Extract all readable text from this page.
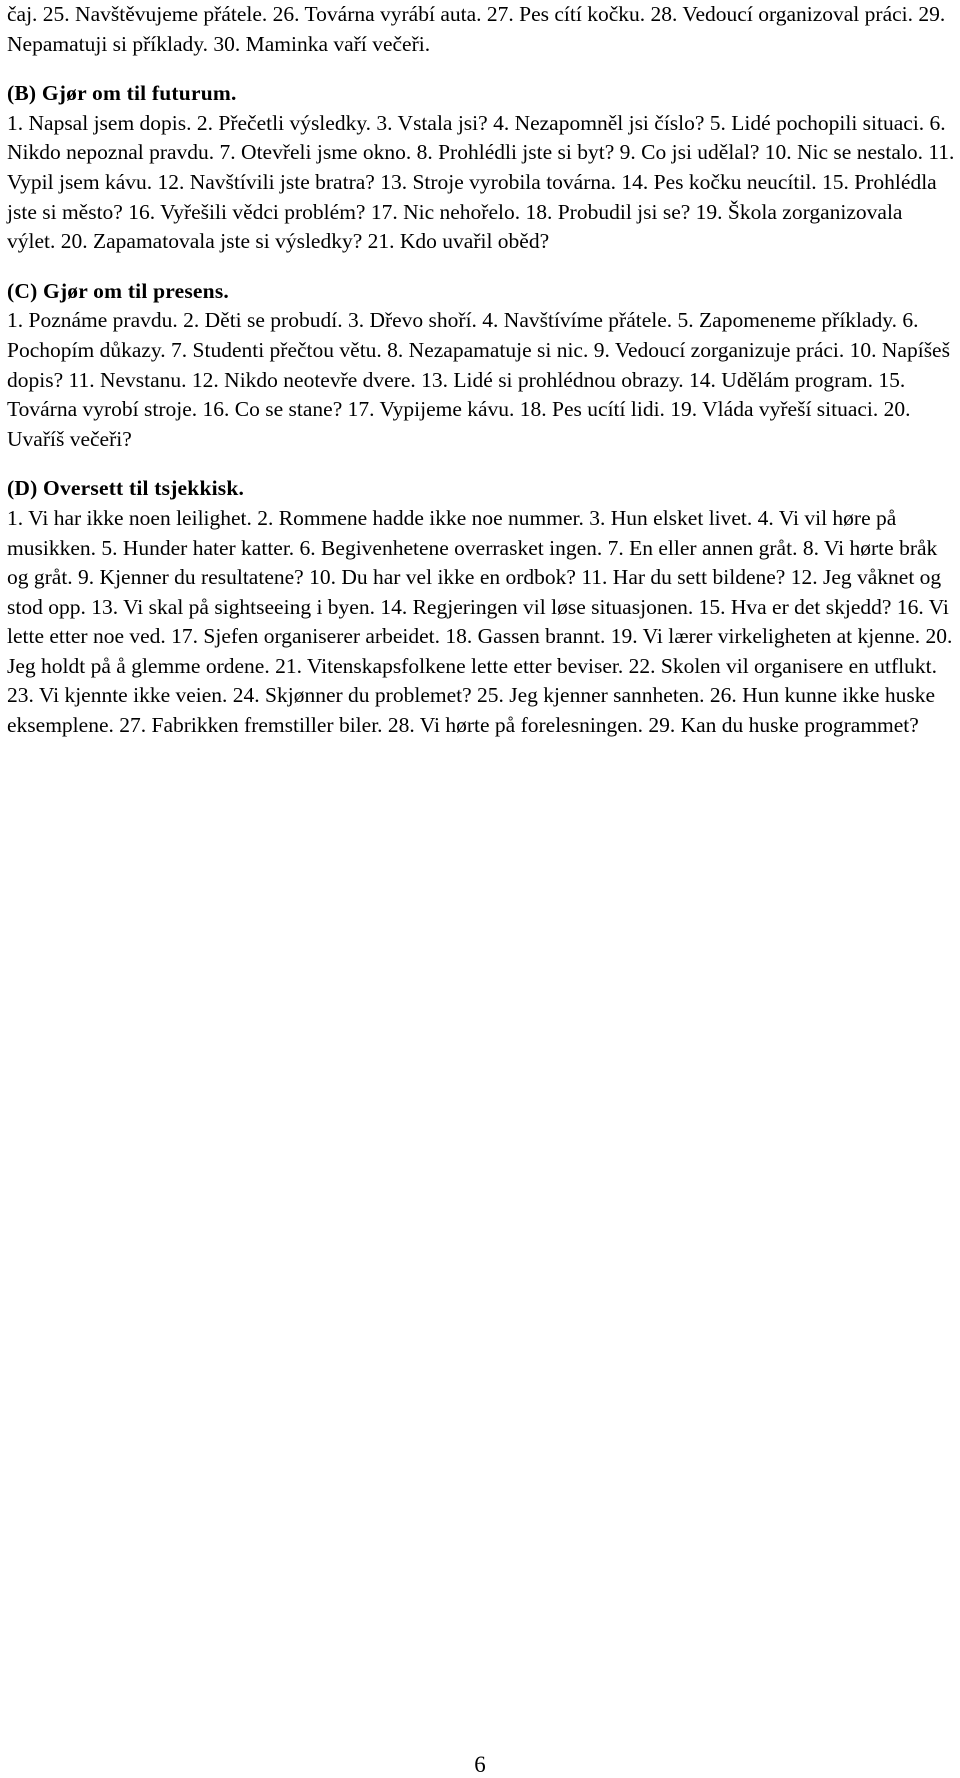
čaj. 25. Navštěvujeme přátele. 26. Továrna vyrábí auta. 27. Pes cítí kočku. 28. Vedoucí organizoval práci. 29. Nepamatuji si příklady. 30. Maminka vaří večeři.

(B) Gjør om til futurum.
1. Napsal jsem dopis. 2. Přečetli výsledky. 3. Vstala jsi? 4. Nezapomněl jsi číslo? 5. Lidé pochopili situaci. 6. Nikdo nepoznal pravdu. 7. Otevřeli jsme okno. 8. Prohlédli jste si byt? 9. Co jsi udělal? 10. Nic se nestalo. 11. Vypil jsem kávu. 12. Navštívili jste bratra? 13. Stroje vyrobila továrna. 14. Pes kočku neucítil. 15. Prohlédla jste si město? 16. Vyřešili vědci problém? 17. Nic nehořelo. 18. Probudil jsi se? 19. Škola zorganizovala výlet. 20. Zapamatovala jste si výsledky? 21. Kdo uvařil oběd?
(C) Gjør om til presens.
1. Poznáme pravdu. 2. Děti se probudí. 3. Dřevo shoří. 4. Navštívíme přátele. 5. Zapomeneme příklady. 6. Pochopím důkazy. 7. Studenti přečtou větu. 8. Nezapamatuje si nic. 9. Vedoucí zorganizuje práci. 10. Napíšeš dopis? 11. Nevstanu. 12. Nikdo neotevře dvere. 13. Lidé si prohlédnou obrazy. 14. Udělám program. 15. Továrna vyrobí stroje. 16. Co se stane? 17. Vypijeme kávu. 18. Pes ucítí lidi. 19. Vláda vyřeší situaci. 20. Uvaříš večeři?
(D) Oversett til tsjekkisk.
1. Vi har ikke noen leilighet. 2. Rommene hadde ikke noe nummer. 3. Hun elsket livet. 4. Vi vil høre på musikken. 5. Hunder hater katter. 6. Begivenhetene overrasket ingen. 7. En eller annen gråt. 8. Vi hørte bråk og gråt. 9. Kjenner du resultatene? 10. Du har vel ikke en ordbok? 11. Har du sett bildene? 12. Jeg våknet og stod opp. 13. Vi skal på sightseeing i byen. 14. Regjeringen vil løse situasjonen. 15. Hva er det skjedd? 16. Vi lette etter noe ved. 17. Sjefen organiserer arbeidet. 18. Gassen brannt. 19. Vi lærer virkeligheten at kjenne. 20. Jeg holdt på å glemme ordene. 21. Vitenskapsfolkene lette etter beviser. 22. Skolen vil organisere en utflukt. 23. Vi kjennte ikke veien. 24. Skjønner du problemet? 25. Jeg kjenner sannheten. 26. Hun kunne ikke huske eksemplene. 27. Fabrikken fremstiller biler. 28. Vi hørte på forelesningen. 29. Kan du huske programmet?
6
